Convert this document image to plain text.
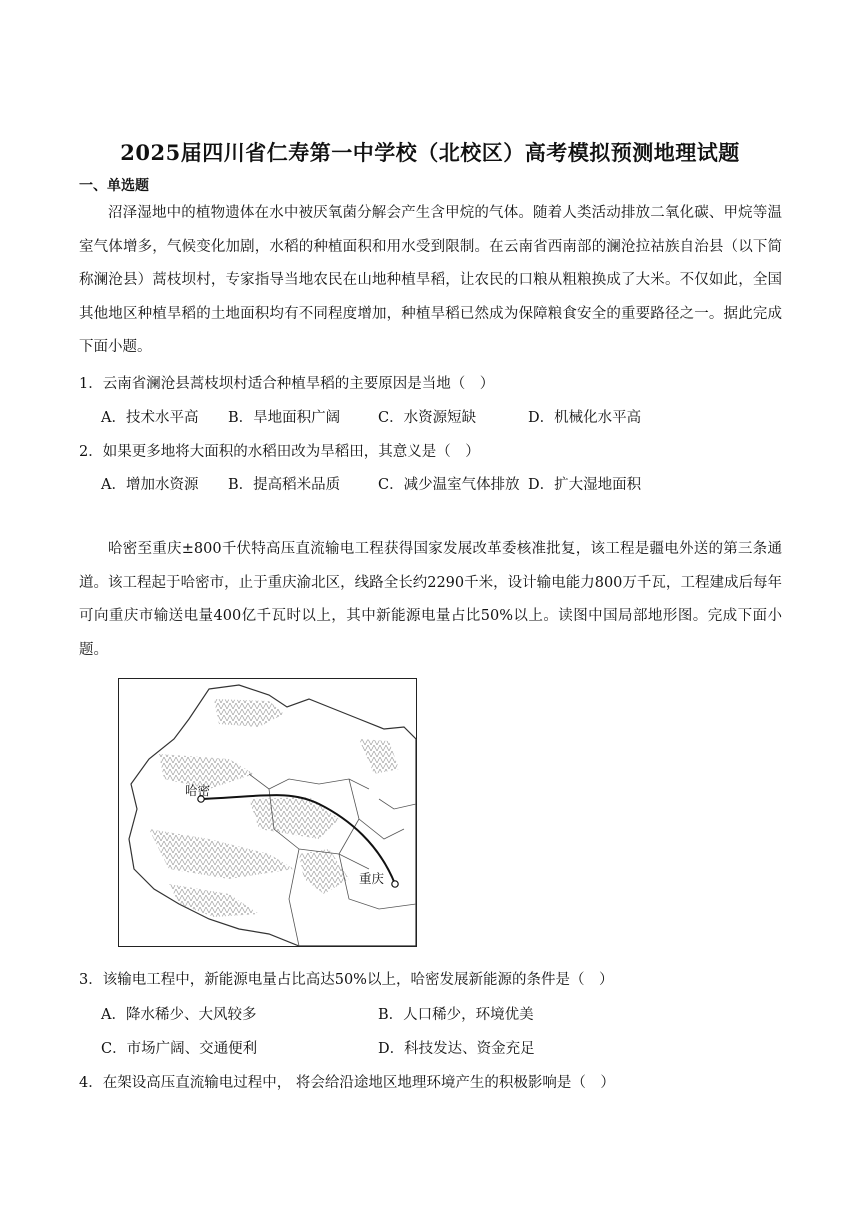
2025届四川省仁寿第一中学校（北校区）高考模拟预测地理试题
一、单选题

沼泽湿地中的植物遗体在水中被厌氧菌分解会产生含甲烷的气体。随着人类活动排放二氧化碳、甲烷等温室气体增多，气候变化加剧，水稻的种植面积和用水受到限制。在云南省西南部的澜沧拉祜族自治县（以下简称澜沧县）蒿枝坝村，专家指导当地农民在山地种植旱稻，让农民的口粮从粗粮换成了大米。不仅如此，全国其他地区种植旱稻的土地面积均有不同程度增加，种植旱稻已然成为保障粮食安全的重要路径之一。据此完成下面小题。

1．云南省澜沧县蒿枝坝村适合种植旱稻的主要原因是当地（　）

A．技术水平高 B．旱地面积广阔	C．水资源短缺	D．机械化水平高

2．如果更多地将大面积的水稻田改为旱稻田，其意义是（　）

A．增加水资源 B．提高稻米品质	C．减少温室气体排放 D．扩大湿地面积

哈密至重庆±800千伏特高压直流输电工程获得国家发展改革委核准批复，该工程是疆电外送的第三条通道。该工程起于哈密市，止于重庆渝北区，线路全长约2290千米，设计输电能力800万千瓦，工程建成后每年可向重庆市输送电量400亿千瓦时以上，其中新能源电量占比50%以上。读图中国局部地形图。完成下面小题。

哈密
重庆

3．该输电工程中，新能源电量占比高达50%以上，哈密发展新能源的条件是（　）

A．降水稀少、大风较多	B．人口稀少，环境优美
C．市场广阔、交通便利	D．科技发达、资金充足

4．在架设高压直流输电过程中， 将会给沿途地区地理环境产生的积极影响是（　）
